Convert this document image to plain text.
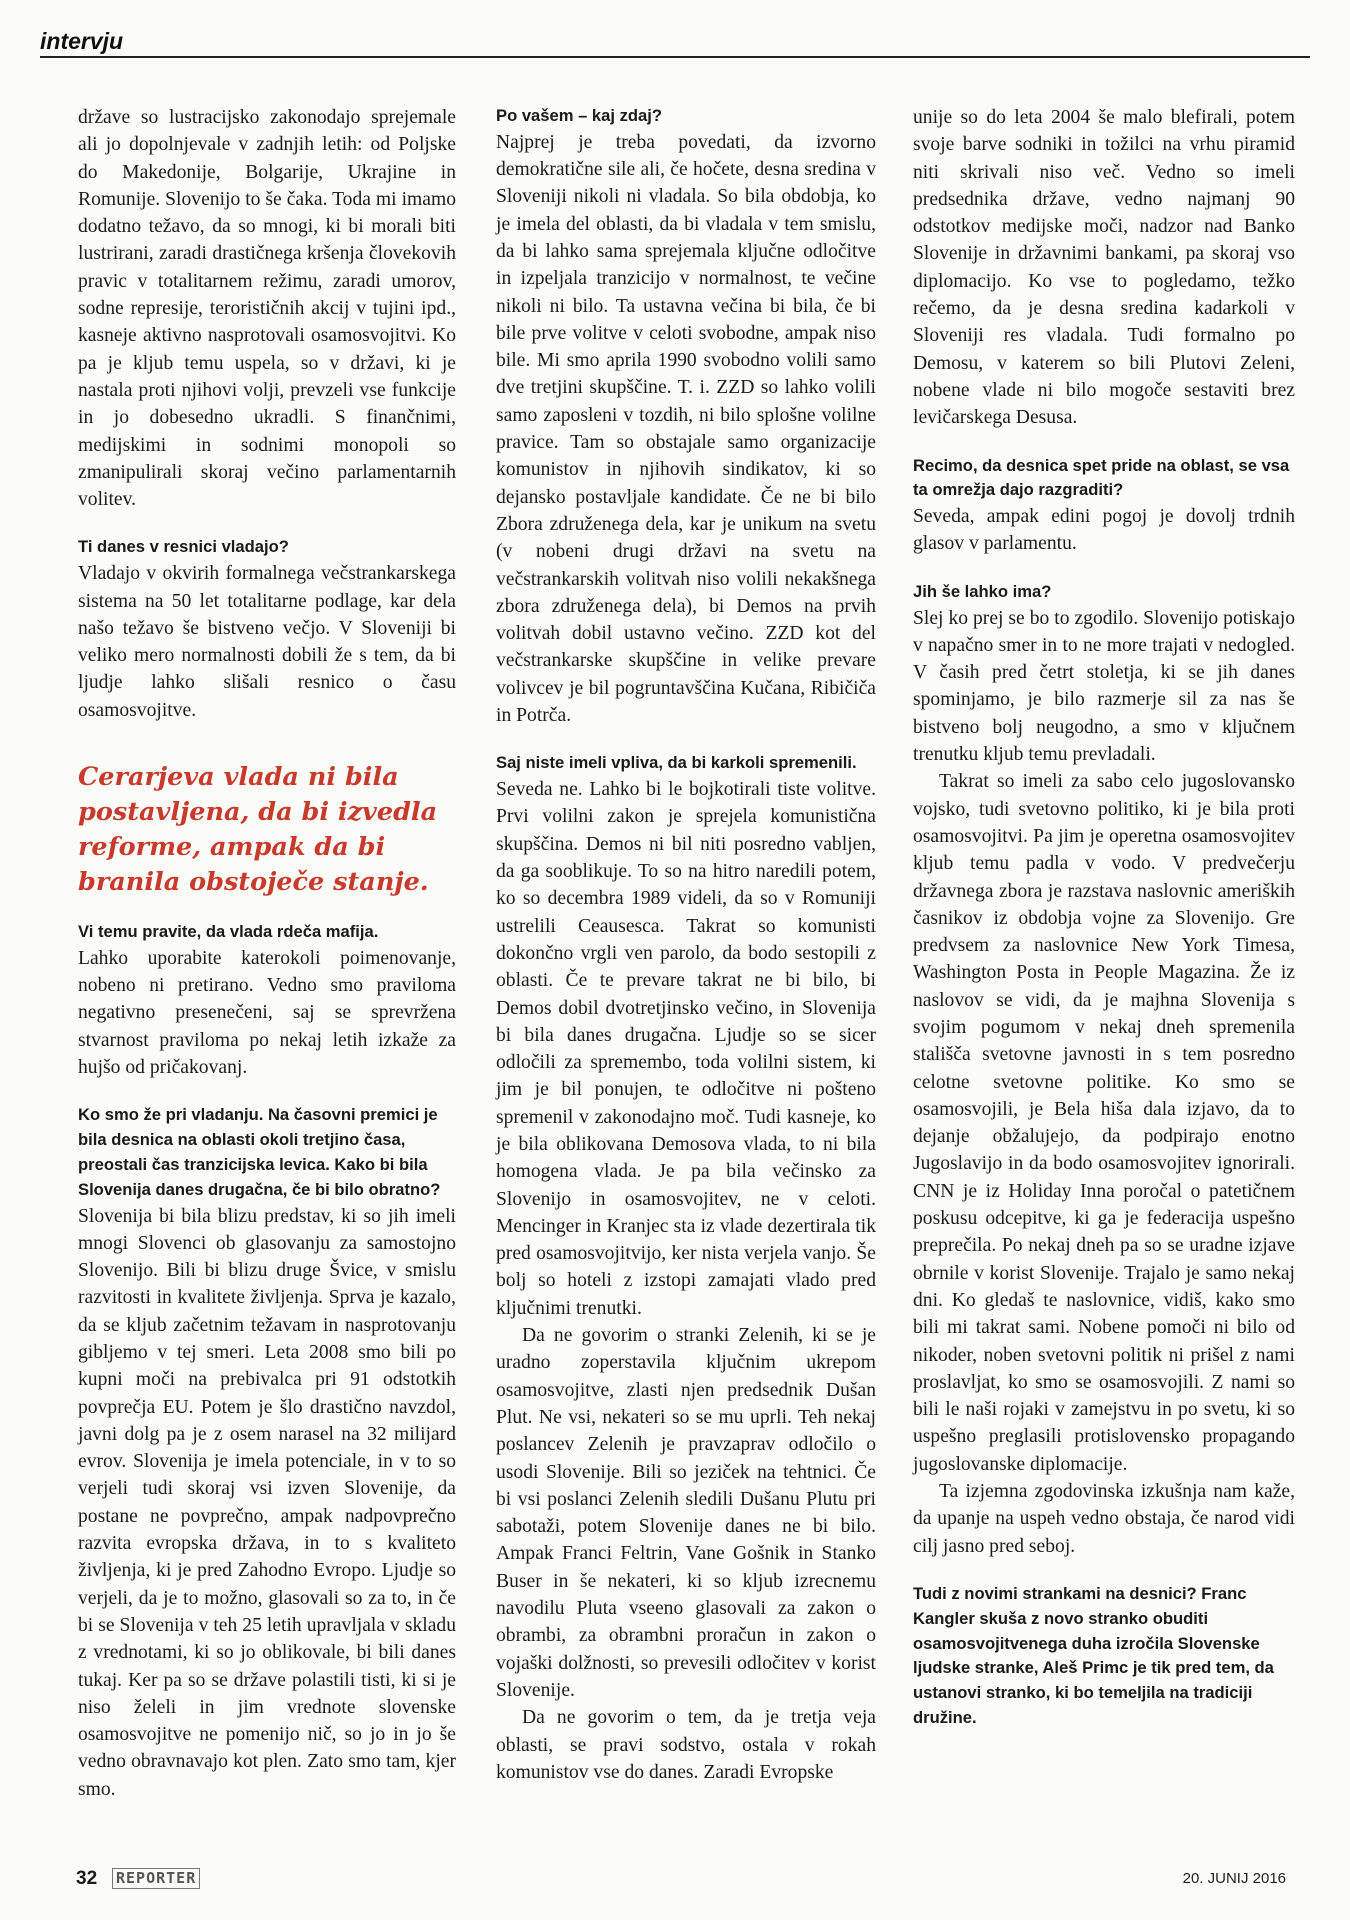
intervju

države so lustracijsko zakonodajo sprejemale ali jo dopolnjevale v zadnjih letih: od Poljske do Makedonije, Bolgarije, Ukrajine in Romunije. Slovenijo to še čaka. Toda mi imamo dodatno težavo, da so mnogi, ki bi morali biti lustrirani, zaradi drastičnega kršenja človekovih pravic v totalitarnem režimu, zaradi umorov, sodne represije, terorističnih akcij v tujini ipd., kasneje aktivno nasprotovali osamosvojitvi. Ko pa je kljub temu uspela, so v državi, ki je nastala proti njihovi volji, prevzeli vse funkcije in jo dobesedno ukradli. S finančnimi, medijskimi in sodnimi monopoli so zmanipulirali skoraj večino parlamentarnih volitev.

Ti danes v resnici vladajo?

Vladajo v okvirih formalnega večstrankarskega sistema na 50 let totalitarne podlage, kar dela našo težavo še bistveno večjo. V Sloveniji bi veliko mero normalnosti dobili že s tem, da bi ljudje lahko slišali resnico o času osamosvojitve.

Cerarjeva vlada ni bila postavljena, da bi izvedla reforme, ampak da bi branila obstoječe stanje.
Vi temu pravite, da vlada rdeča mafija.

Lahko uporabite katerokoli poimenovanje, nobeno ni pretirano. Vedno smo praviloma negativno presenečeni, saj se sprevržena stvarnost praviloma po nekaj letih izkaže za hujšo od pričakovanj.

Ko smo že pri vladanju. Na časovni premici je bila desnica na oblasti okoli tretjino časa, preostali čas tranzicijska levica. Kako bi bila Slovenija danes drugačna, če bi bilo obratno?

Slovenija bi bila blizu predstav, ki so jih imeli mnogi Slovenci ob glasovanju za samostojno Slovenijo. Bili bi blizu druge Švice, v smislu razvitosti in kvalitete življenja. Sprva je kazalo, da se kljub začetnim težavam in nasprotovanju gibljemo v tej smeri. Leta 2008 smo bili po kupni moči na prebivalca pri 91 odstotkih povprečja EU. Potem je šlo drastično navzdol, javni dolg pa je z osem narasel na 32 milijard evrov. Slovenija je imela potenciale, in v to so verjeli tudi skoraj vsi izven Slovenije, da postane ne povprečno, ampak nadpovprečno razvita evropska država, in to s kvaliteto življenja, ki je pred Zahodno Evropo. Ljudje so verjeli, da je to možno, glasovali so za to, in če bi se Slovenija v teh 25 letih upravljala v skladu z vrednotami, ki so jo oblikovale, bi bili danes tukaj. Ker pa so se države polastili tisti, ki si je niso želeli in jim vrednote slovenske osamosvojitve ne pomenijo nič, so jo in jo še vedno obravnavajo kot plen. Zato smo tam, kjer smo.

Po vašem – kaj zdaj?

Najprej je treba povedati, da izvorno demokratične sile ali, če hočete, desna sredina v Sloveniji nikoli ni vladala. So bila obdobja, ko je imela del oblasti, da bi vladala v tem smislu, da bi lahko sama sprejemala ključne odločitve in izpeljala tranzicijo v normalnost, te večine nikoli ni bilo. Ta ustavna večina bi bila, če bi bile prve volitve v celoti svobodne, ampak niso bile. Mi smo aprila 1990 svobodno volili samo dve tretjini skupščine. T. i. ZZD so lahko volili samo zaposleni v tozdih, ni bilo splošne volilne pravice. Tam so obstajale samo organizacije komunistov in njihovih sindikatov, ki so dejansko postavljale kandidate. Če ne bi bilo Zbora združenega dela, kar je unikum na svetu (v nobeni drugi državi na svetu na večstrankarskih volitvah niso volili nekakšnega zbora združenega dela), bi Demos na prvih volitvah dobil ustavno večino. ZZD kot del večstrankarske skupščine in velike prevare volivcev je bil pogruntavščina Kučana, Ribičiča in Potrča.

Saj niste imeli vpliva, da bi karkoli spremenili.

Seveda ne. Lahko bi le bojkotirali tiste volitve. Prvi volilni zakon je sprejela komunistična skupščina. Demos ni bil niti posredno vabljen, da ga sooblikuje. To so na hitro naredili potem, ko so decembra 1989 videli, da so v Romuniji ustrelili Ceausesca. Takrat so komunisti dokončno vrgli ven parolo, da bodo sestopili z oblasti. Če te prevare takrat ne bi bilo, bi Demos dobil dvotretjinsko večino, in Slovenija bi bila danes drugačna. Ljudje so se sicer odločili za spremembo, toda volilni sistem, ki jim je bil ponujen, te odločitve ni pošteno spremenil v zakonodajno moč. Tudi kasneje, ko je bila oblikovana Demosova vlada, to ni bila homogena vlada. Je pa bila večinsko za Slovenijo in osamosvojitev, ne v celoti. Mencinger in Kranjec sta iz vlade dezertirala tik pred osamosvojitvijo, ker nista verjela vanjo. Še bolj so hoteli z izstopi zamajati vlado pred ključnimi trenutki.

Da ne govorim o stranki Zelenih, ki se je uradno zoperstavila ključnim ukrepom osamosvojitve, zlasti njen predsednik Dušan Plut. Ne vsi, nekateri so se mu uprli. Teh nekaj poslancev Zelenih je pravzaprav odločilo o usodi Slovenije. Bili so jeziček na tehtnici. Če bi vsi poslanci Zelenih sledili Dušanu Plutu pri sabotaži, potem Slovenije danes ne bi bilo. Ampak Franci Feltrin, Vane Gošnik in Stanko Buser in še nekateri, ki so kljub izrecnemu navodilu Pluta vseeno glasovali za zakon o obrambi, za obrambni proračun in zakon o vojaški dolžnosti, so prevesili odločitev v korist Slovenije.

Da ne govorim o tem, da je tretja veja oblasti, se pravi sodstvo, ostala v rokah komunistov vse do danes. Zaradi Evropske

unije so do leta 2004 še malo blefirali, potem svoje barve sodniki in tožilci na vrhu piramid niti skrivali niso več. Vedno so imeli predsednika države, vedno najmanj 90 odstotkov medijske moči, nadzor nad Banko Slovenije in državnimi bankami, pa skoraj vso diplomacijo. Ko vse to pogledamo, težko rečemo, da je desna sredina kadarkoli v Sloveniji res vladala. Tudi formalno po Demosu, v katerem so bili Plutovi Zeleni, nobene vlade ni bilo mogoče sestaviti brez levičarskega Desusa.

Recimo, da desnica spet pride na oblast, se vsa ta omrežja dajo razgraditi?

Seveda, ampak edini pogoj je dovolj trdnih glasov v parlamentu.

Jih še lahko ima?

Slej ko prej se bo to zgodilo. Slovenijo potiskajo v napačno smer in to ne more trajati v nedogled. V časih pred četrt stoletja, ki se jih danes spominjamo, je bilo razmerje sil za nas še bistveno bolj neugodno, a smo v ključnem trenutku kljub temu prevladali.

Takrat so imeli za sabo celo jugoslovansko vojsko, tudi svetovno politiko, ki je bila proti osamosvojitvi. Pa jim je operetna osamosvojitev kljub temu padla v vodo. V predvečerju državnega zbora je razstava naslovnic ameriških časnikov iz obdobja vojne za Slovenijo. Gre predvsem za naslovnice New York Timesa, Washington Posta in People Magazina. Že iz naslovov se vidi, da je majhna Slovenija s svojim pogumom v nekaj dneh spremenila stališča svetovne javnosti in s tem posredno celotne svetovne politike. Ko smo se osamosvojili, je Bela hiša dala izjavo, da to dejanje obžalujejo, da podpirajo enotno Jugoslavijo in da bodo osamosvojitev ignorirali. CNN je iz Holiday Inna poročal o patetičnem poskusu odcepitve, ki ga je federacija uspešno preprečila. Po nekaj dneh pa so se uradne izjave obrnile v korist Slovenije. Trajalo je samo nekaj dni. Ko gledaš te naslovnice, vidiš, kako smo bili mi takrat sami. Nobene pomoči ni bilo od nikoder, noben svetovni politik ni prišel z nami proslavljat, ko smo se osamosvojili. Z nami so bili le naši rojaki v zamejstvu in po svetu, ki so uspešno preglasili protislovensko propagando jugoslovanske diplomacije.

Ta izjemna zgodovinska izkušnja nam kaže, da upanje na uspeh vedno obstaja, če narod vidi cilj jasno pred seboj.

Tudi z novimi strankami na desnici? Franc Kangler skuša z novo stranko obuditi osamosvojitvenega duha izročila Slovenske ljudske stranke, Aleš Primc je tik pred tem, da ustanovi stranko, ki bo temeljila na tradiciji družine.
32 REPORTER	20. JUNIJ 2016
